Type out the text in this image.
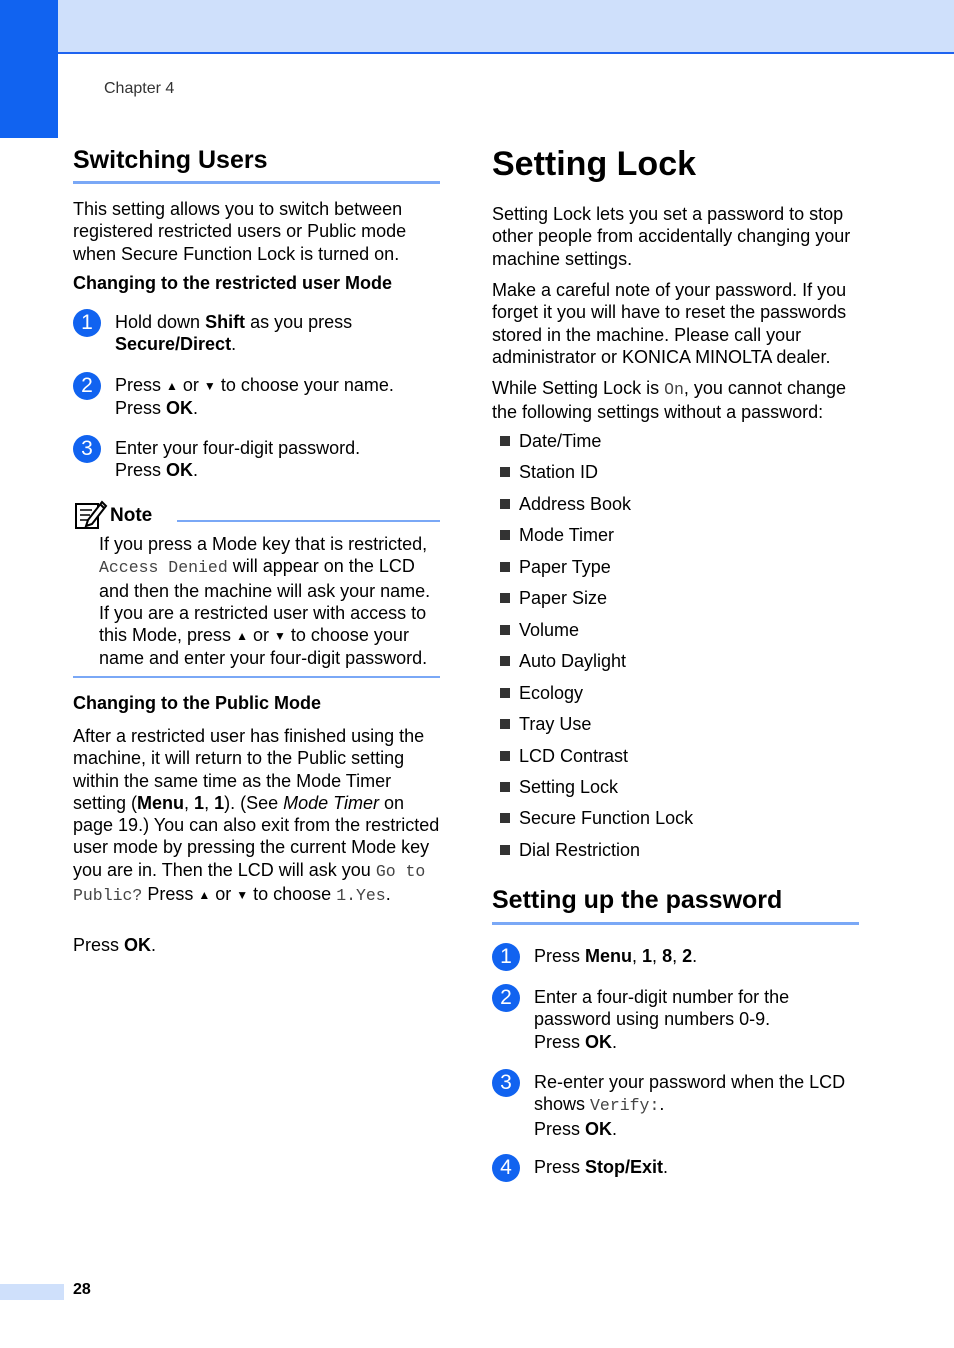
Chapter 4
Switching Users
This setting allows you to switch between registered restricted users or Public mode when Secure Function Lock is turned on.
Changing to the restricted user Mode
1	Hold down Shift as you press
Secure/Direct.
2	Press ▲ or ▼ to choose your name.
Press OK.
3	Enter your four-digit password.
Press OK.
Note
If you press a Mode key that is restricted, Access Denied will appear on the LCD and then the machine will ask your name. If you are a restricted user with access to this Mode, press ▲ or ▼ to choose your name and enter your four-digit password.
Changing to the Public Mode
After a restricted user has finished using the machine, it will return to the Public setting within the same time as the Mode Timer setting (Menu, 1, 1). (See Mode Timer on page 19.) You can also exit from the restricted user mode by pressing the current Mode key you are in. Then the LCD will ask you Go to Public? Press ▲ or ▼ to choose 1.Yes.
Press OK.
Setting Lock
Setting Lock lets you set a password to stop other people from accidentally changing your machine settings.
Make a careful note of your password. If you forget it you will have to reset the passwords stored in the machine. Please call your administrator or KONICA MINOLTA dealer.
While Setting Lock is On, you cannot change the following settings without a password:
Date/Time
Station ID
Address Book
Mode Timer
Paper Type
Paper Size
Volume
Auto Daylight
Ecology
Tray Use
LCD Contrast
Setting Lock
Secure Function Lock
Dial Restriction
Setting up the password
1	Press Menu, 1, 8, 2.
2	Enter a four-digit number for the password using numbers 0-9.
Press OK.
3	Re-enter your password when the LCD shows Verify:.
Press OK.
4	Press Stop/Exit.
28
